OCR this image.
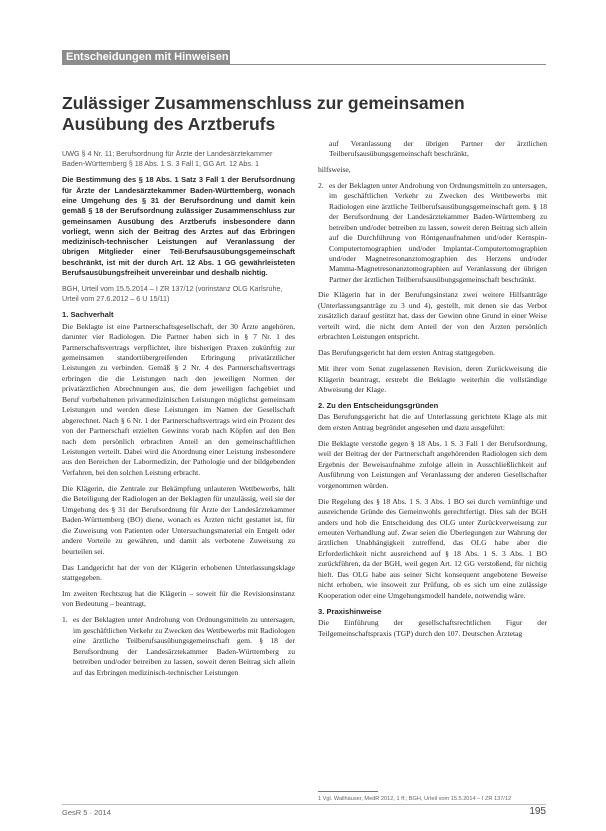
Entscheidungen mit Hinweisen
Zulässiger Zusammenschluss zur gemeinsamen Ausübung des Arztberufs

UWG § 4 Nr. 11; Berufsordnung für Ärzte der Landesärztekammer Baden-Württemberg § 18 Abs. 1 S. 3 Fall 1, GG Art. 12 Abs. 1

Die Bestimmung des § 18 Abs. 1 Satz 3 Fall 1 der Berufsordnung für Ärzte der Landesärztekammer Baden-Württemberg, wonach eine Umgehung des § 31 der Berufsordnung und damit kein gemäß § 18 der Berufsordnung zulässiger Zusammenschluss zur gemeinsamen Ausübung des Arztberufs insbesondere dann vorliegt, wenn sich der Beitrag des Arztes auf das Erbringen medizinisch-technischer Leistungen auf Veranlassung der übrigen Mitglieder einer Teil-Berufsausübungsgemeinschaft beschränkt, ist mit der durch Art. 12 Abs. 1 GG gewährleisteten Berufsausübungsfreiheit unvereinbar und deshalb nichtig.

BGH, Urteil vom 15.5.2014 – I ZR 137/12 (vorinstanz OLG Karlsruhe, Urteil vom 27.6.2012 – 6 U 15/11)

1. Sachverhalt

Die Beklagte ist eine Partnerschaftsgesellschaft, der 30 Ärzte angehören, darunter vier Radiologen. Die Partner haben sich in § 7 Nr. 1 des Partnerschaftsvertrags verpflichtet, ihre bisherigen Praxen zukünftig zur gemeinsamen standortübergreifenden Erbringung privatärztlicher Leistungen zu verbinden. Gemäß § 2 Nr. 4 des Partnerschaftsvertrags erbringen die die Leistungen nach den jeweiligen Normen der privatärztlichen Abrechnungen aus, die dem jeweiligen fachgebiet und Beruf vorbehaltenen privatmedizinischen Leistungen möglichst gemeinsam Leistungen und werden diese Leistungen im Namen der Gesellschaft abgerechnet. Nach § 6 Nr. 1 der Partnerschaftsvertrags wird ein Prozent des von der Partnerschaft erzielten Gewinns vorab nach Köpfen auf den Ben nach dem persönlich erbrachten Anteil an den gemeinschaftlichen Leistungen verteilt. Dabei wird die Anordnung einer Leistung insbesondere aus den Bereichen der Labormedizin, der Pathologie und der bildgebenden Verfahren, bei den solchen Leistung erbracht.

Die Klägerin, die Zentrale zur Bekämpfung unlauteren Wettbewerbs, hält die Beteiligung der Radiologen an der Beklagten für unzulässig, weil sie der Umgehung des § 31 der Berufsordnung für Ärzte der Landesärztekammer Baden-Württemberg (BO) diene, wonach es Ärzten nicht gestattet ist, für die Zuweisung von Patienten oder Untersuchungsmaterial ein Entgelt oder andere Vorteile zu gewähren, und damit als verbotene Zuweisung zu beurteilen sei.

Das Landgericht hat der von der Klägerin erhobenen Unterlassungsklage stattgegeben.

Im zweiten Rechtszug hat die Klägerin – soweit für die Revisionsinstanz von Bedeutung – beantragt,

1. es der Beklagten unter Androhung von Ordnungsmitteln zu untersagen, im geschäftlichen Verkehr zu Zwecken des Wettbewerbs mit Radiologen eine ärztliche Teilberufsausübungsgemeinschaft gem. § 18 der Berufsordnung der Landesärztekammer Baden-Württemberg zu betreiben und/oder betreiben zu lassen, soweit deren Beitrag sich allein auf das Erbringen medizinisch-technischer Leistungen
auf Veranlassung der übrigen Partner der ärztlichen Teilberufsausübungsgemeinschaft beschränkt,

hilfsweise,

2. es der Beklagten unter Androhung von Ordnungsmitteln zu untersagen, im geschäftlichen Verkehr zu Zwecken des Wettbewerbs mit Radiologen eine ärztliche Teilberufsausübungsgemeinschaft gem. § 18 der Berufsordnung der Landesärztekammer Baden-Württemberg zu betreiben und/oder betreiben zu lassen, soweit deren Beitrag sich allein auf die Durchführung von Röntgenaufnahmen und/oder Kernspin-Computertomographien und/oder Implantat-Computertomographien und/oder Magnetresonanztomographien des Herzens und/oder Mamma-Magnetresonanztomographien auf Veranlassung der übrigen Partner der ärztlichen Teilberufsausübungsgemeinschaft beschränkt.

Die Klägerin hat in der Berufungsinstanz zwei weitere Hilfsanträge (Unterlassungsanträge zu 3 und 4), gestellt, mit denen sie das Verbot zusätzlich darauf gestützt hat, dass der Gewinn ohne Grund in einer Weise verteilt wird, die nicht dem Anteil der von den Ärzten persönlich erbrachten Leistungen entspricht.

Das Berufungsgericht hat dem ersten Antrag stattgegeben.

Mit ihrer vom Senat zugelassenen Revision, deren Zurückweisung die Klägerin beantragt, erstrebt die Beklagte weiterhin die vollständige Abweisung der Klage.

2. Zu den Entscheidungsgründen

Das Berufungsgericht hat die auf Unterlassung gerichtete Klage als mit dem ersten Antrag begründet angesehen und dazu ausgeführt:

Die Beklagte verstoße gegen § 18 Abs. 1 S. 3 Fall 1 der Berufsordnung, weil der Beitrag der der Partnerschaft angehörenden Radiologen sich dem Ergebnis der Beweisaufnahme zufolge allein in Ausschließlichkeit auf Ausführung von Leistungen auf Veranlassung der anderen Gesellschafter vorgenommen würden.

Die Regelung des § 18 Abs. 1 S. 3 Abs. 1 BO sei durch vernünftige und ausreichende Gründe des Gemeinwohls gerechtfertigt. Dies sah der BGH anders und hob die Entscheidung des OLG unter Zurückverweisung zur erneuten Verhandlung auf. Zwar seien die Überlegungen zur Wahrung der ärztlichen Unabhängigkeit zutreffend, das OLG habe aber die Erforderlichkeit nicht ausreichend auf § 18 Abs. 1 S. 3 Abs. 1 BO zurückführen, da der BGH, weil gegen Art. 12 GG verstoßend, für nichtig hielt. Das OLG habe aus seiner Sicht konsequent angebotene Beweise nicht erhoben, wie insoweit zur Prüfung, ob es sich um eine zulässige Kooperation oder eine Umgehungsmodell handele, notwendig wäre.

3. Praxishinweise

Die Einführung der gesellschaftsrechtlichen Figur der Teilgemeinschaftspraxis (TGP) durch den 107. Deutschen Ärztetag

1 Vgl. Wallhäuser, MedR 2012, 1 ff.; BGH, Urteil vom 15.5.2014 – I ZR 137/12
GesR 5 · 2014	195
